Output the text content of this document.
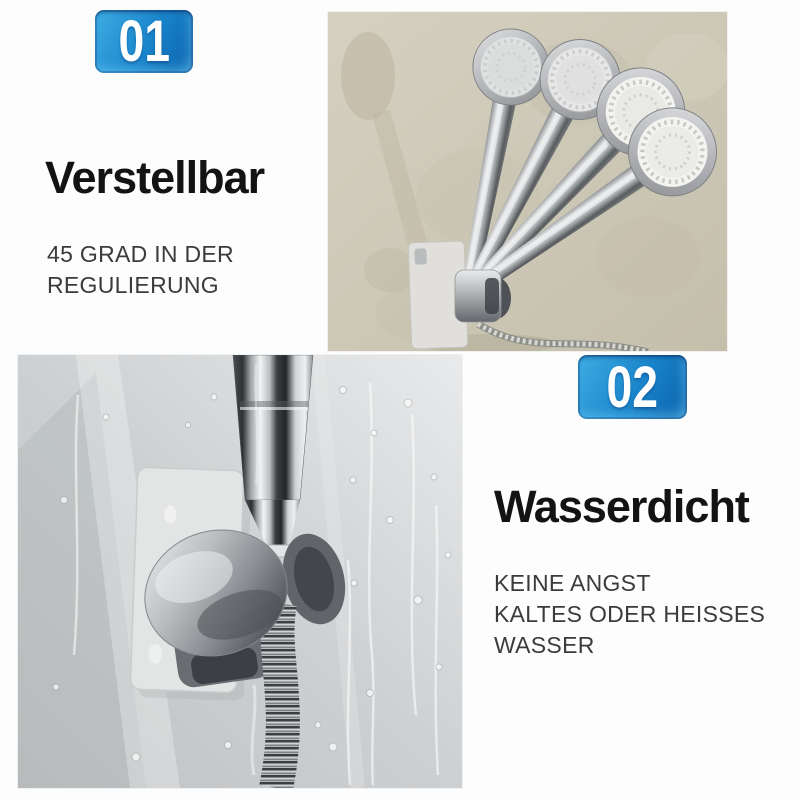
01
Verstellbar
45 GRAD IN DER
REGULIERUNG
02
Wasserdicht
KEINE ANGST
KALTES ODER HEISSES
WASSER
